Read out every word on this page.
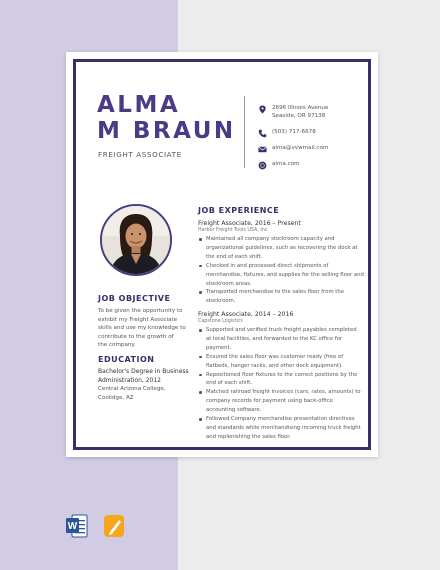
ALMA
M BRAUN
FREIGHT ASSOCIATE
2696 Illinois Avenue
Seaside, OR 97138
(503) 717-6678
alma@vvwmail.com
alma.com
JOB OBJECTIVE
To be given the opportunity to
exhibit my Freight Associate
skills and use my knowledge to
contribute to the growth of
the company.
EDUCATION
Bachelor's Degree in Business
Administration, 2012
Central Arizona College,
Coolidge, AZ
JOB EXPERIENCE
Freight Associate, 2016 – Present
Harbor Freight Tools USA, Inc
Maintained all company stockroom capacity and
organizational guidelines, such as recovering the dock at
the end of each shift.
Checked in and processed direct shipments of
merchandise, fixtures, and supplies for the selling floor and
stockroom areas.
Transported merchandise to the sales floor from the
stockroom.
Freight Associate, 2014 – 2016
Capstone Logistics
Supported and verified truck freight payables completed
at local facilities, and forwarded to the KC office for
payment.
Ensured the sales floor was customer ready (free of
flatbeds, hanger racks, and other dock equipment).
Repositioned floor fixtures to the correct positions by the
end of each shift.
Matched railroad freight invoices (cars, rates, amounts) to
company records for payment using back-office
accounting software.
Followed Company merchandise presentation directives
and standards while merchandising incoming truck freight
and replenishing the sales floor.
W
